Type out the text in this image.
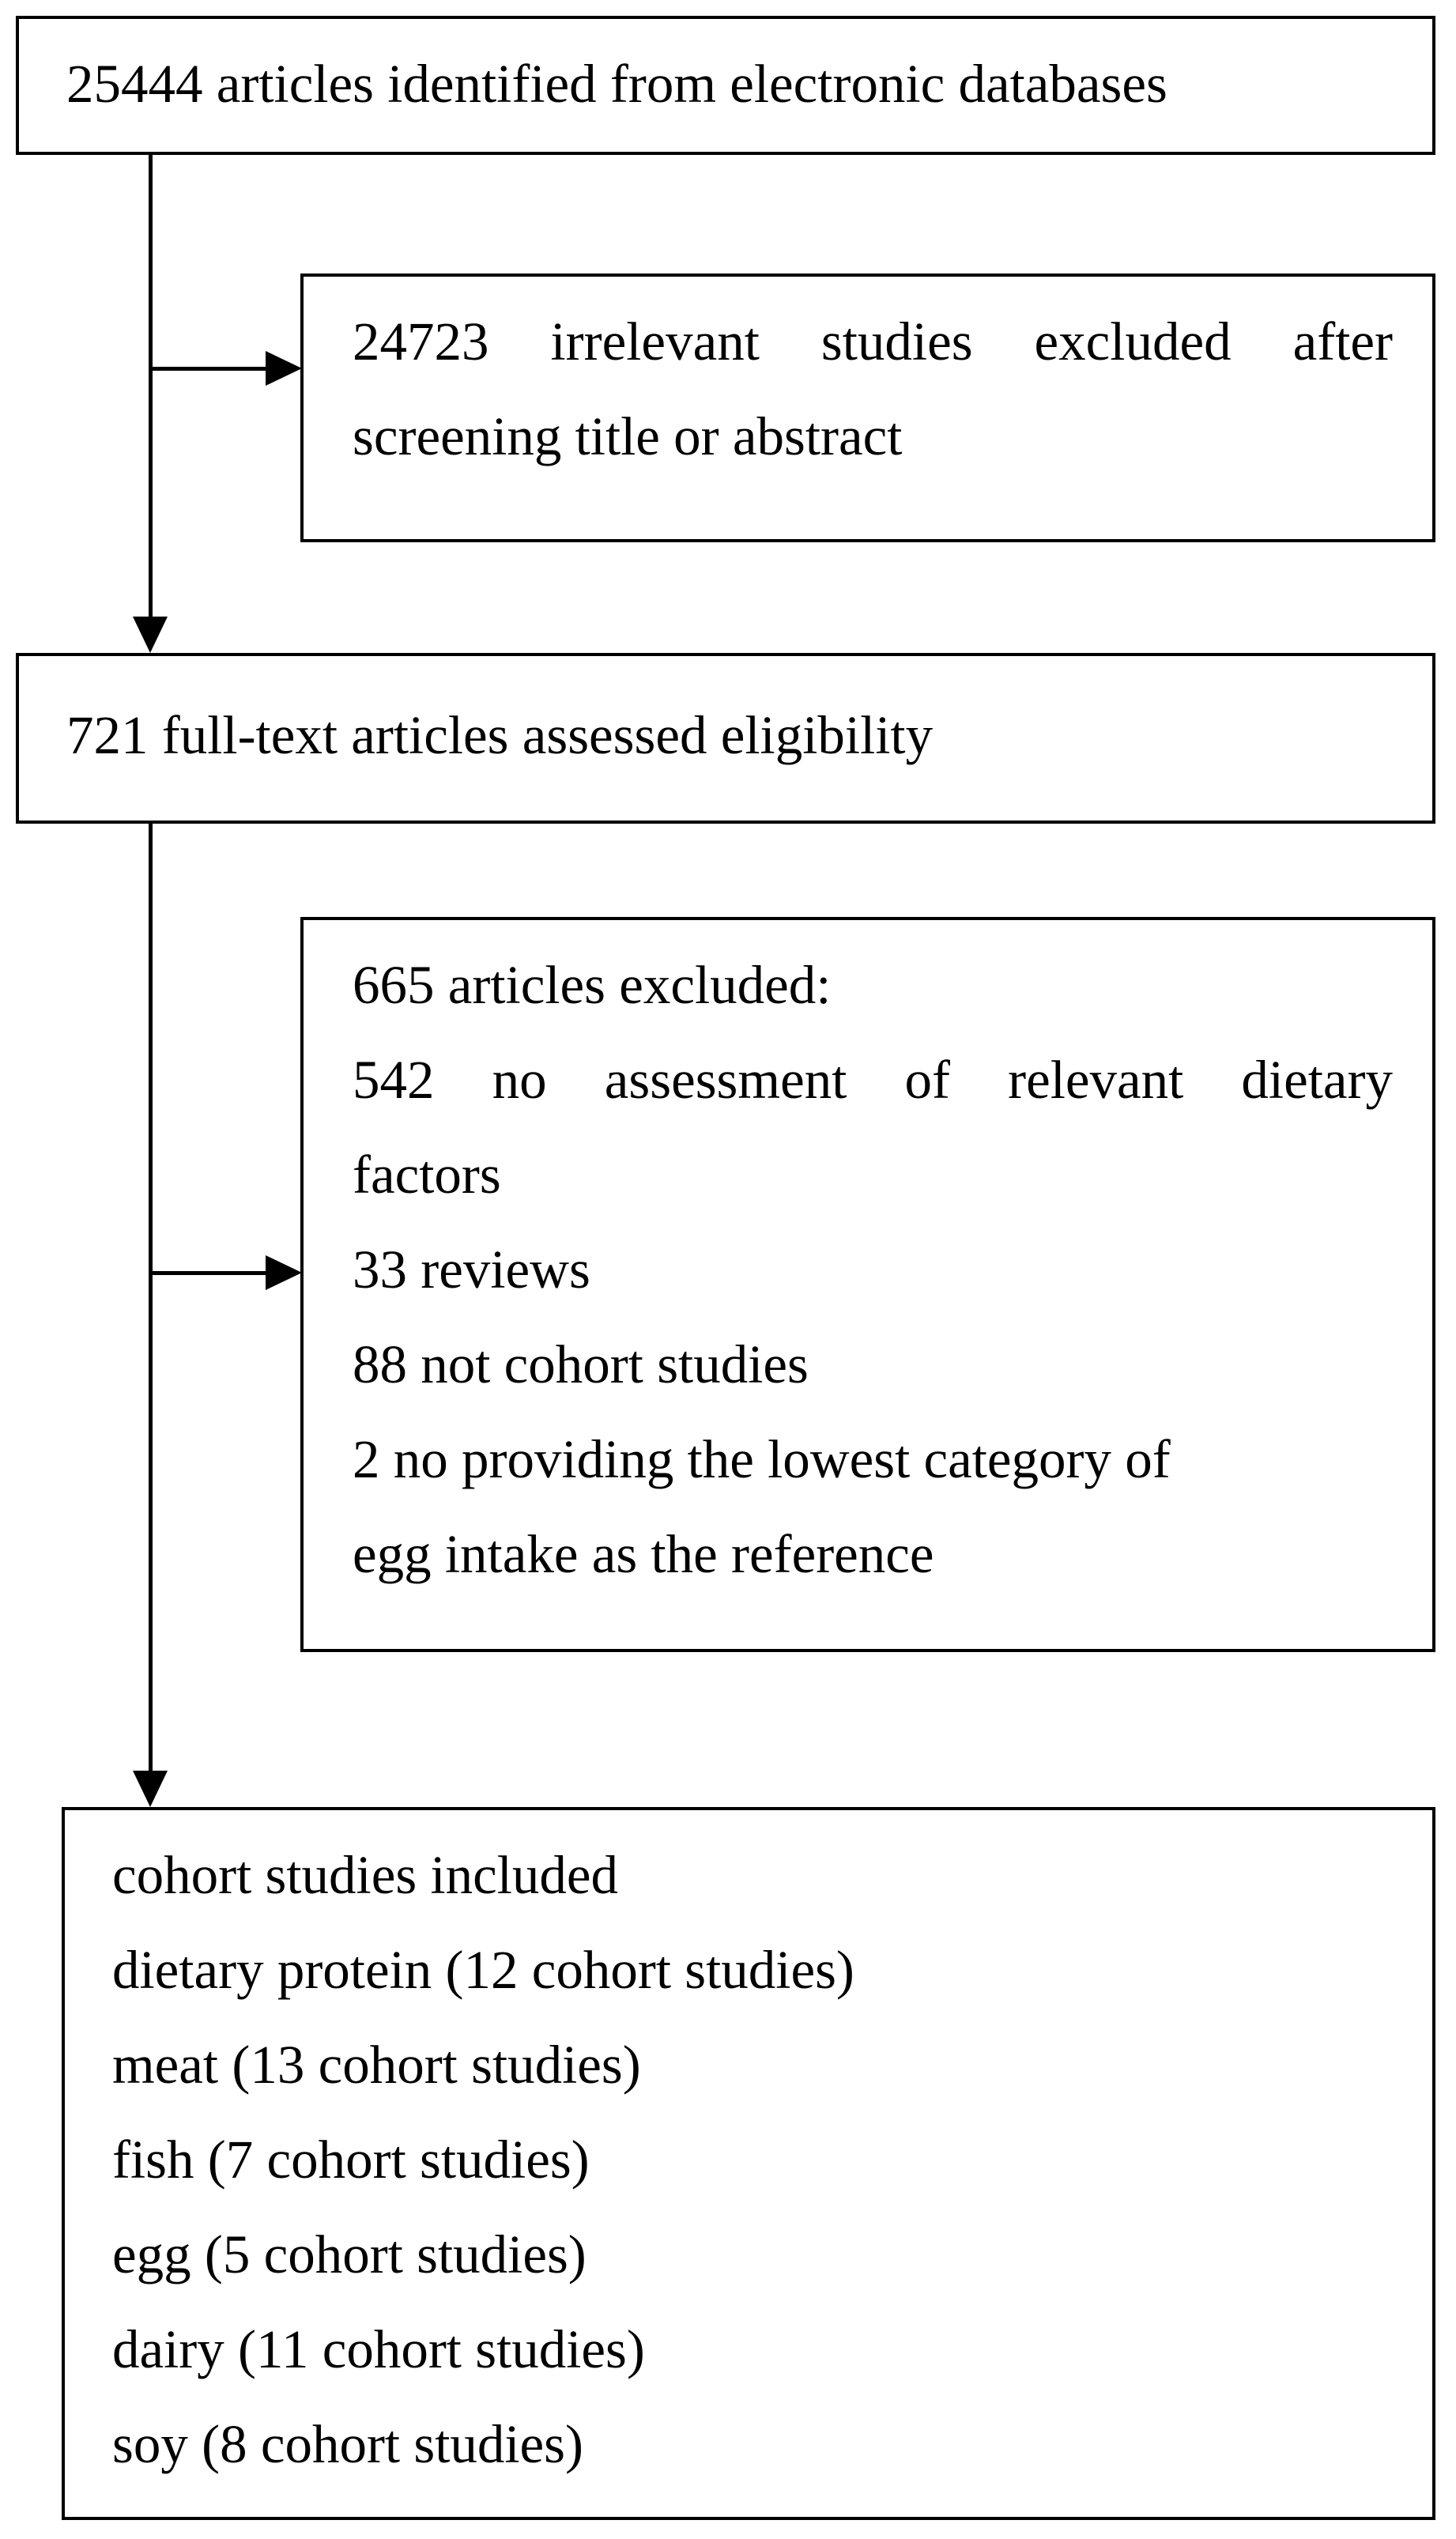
25444 articles identified from electronic databases
24723 irrelevant studies excluded after
screening title or abstract
721 full-text articles assessed eligibility
665 articles excluded:
542 no assessment of relevant dietary
factors
33 reviews
88 not cohort studies
2 no providing the lowest category of
egg intake as the reference
cohort studies included
dietary protein (12 cohort studies)
meat (13 cohort studies)
fish (7 cohort studies)
egg (5 cohort studies)
dairy (11 cohort studies)
soy (8 cohort studies)
